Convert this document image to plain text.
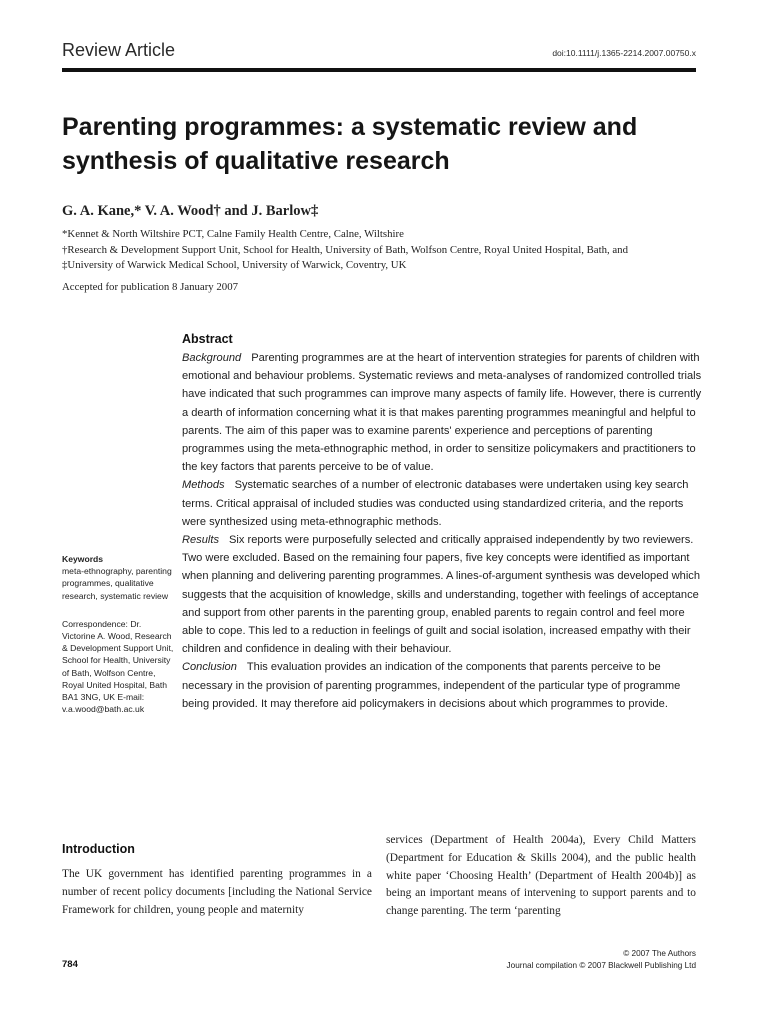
Review Article	doi:10.1111/j.1365-2214.2007.00750.x
Parenting programmes: a systematic review and synthesis of qualitative research
G. A. Kane,* V. A. Wood† and J. Barlow‡
*Kennet & North Wiltshire PCT, Calne Family Health Centre, Calne, Wiltshire
†Research & Development Support Unit, School for Health, University of Bath, Wolfson Centre, Royal United Hospital, Bath, and
‡University of Warwick Medical School, University of Warwick, Coventry, UK
Accepted for publication 8 January 2007
Abstract

Background Parenting programmes are at the heart of intervention strategies for parents of children with emotional and behaviour problems. Systematic reviews and meta-analyses of randomized controlled trials have indicated that such programmes can improve many aspects of family life. However, there is currently a dearth of information concerning what it is that makes parenting programmes meaningful and helpful to parents. The aim of this paper was to examine parents' experience and perceptions of parenting programmes using the meta-ethnographic method, in order to sensitize policymakers and practitioners to the key factors that parents perceive to be of value.

Methods Systematic searches of a number of electronic databases were undertaken using key search terms. Critical appraisal of included studies was conducted using standardized criteria, and the reports were synthesized using meta-ethnographic methods.

Results Six reports were purposefully selected and critically appraised independently by two reviewers. Two were excluded. Based on the remaining four papers, five key concepts were identified as important when planning and delivering parenting programmes. A lines-of-argument synthesis was developed which suggests that the acquisition of knowledge, skills and understanding, together with feelings of acceptance and support from other parents in the parenting group, enabled parents to regain control and feel more able to cope. This led to a reduction in feelings of guilt and social isolation, increased empathy with their children and confidence in dealing with their behaviour.

Conclusion This evaluation provides an indication of the components that parents perceive to be necessary in the provision of parenting programmes, independent of the particular type of programme being provided. It may therefore aid policymakers in decisions about which programmes to provide.

Keywords

meta-ethnography, parenting programmes, qualitative research, systematic review

Correspondence: Dr. Victorine A. Wood, Research & Development Support Unit, School for Health, University of Bath, Wolfson Centre, Royal United Hospital, Bath BA1 3NG, UK E-mail: v.a.wood@bath.ac.uk

Introduction

The UK government has identified parenting programmes in a number of recent policy documents [including the National Service Framework for children, young people and maternity

services (Department of Health 2004a), Every Child Matters (Department for Education & Skills 2004), and the public health white paper ‘Choosing Health’ (Department of Health 2004b)] as being an important means of intervening to support parents and to change parenting. The term ‘parenting

784
© 2007 The Authors
Journal compilation © 2007 Blackwell Publishing Ltd
